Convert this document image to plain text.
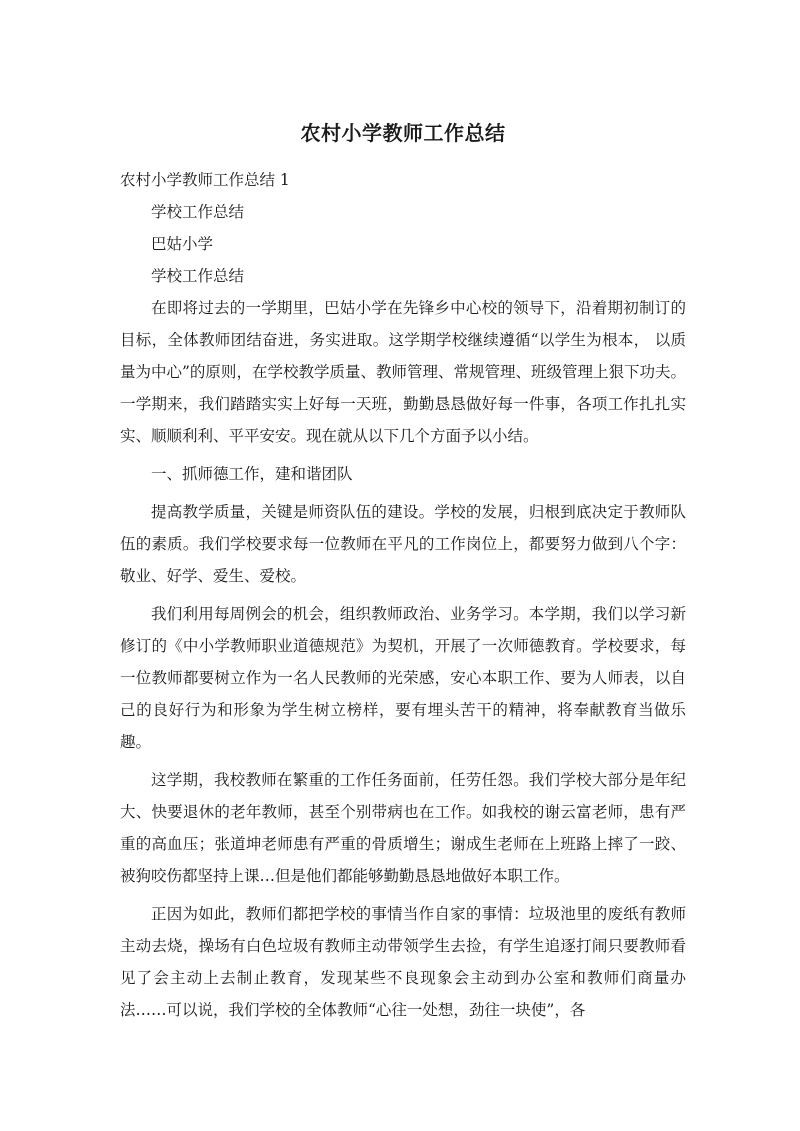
农村小学教师工作总结

农村小学教师工作总结 1

学校工作总结

巴姑小学

学校工作总结

在即将过去的一学期里，巴姑小学在先锋乡中心校的领导下，沿着期初制订的目标，全体教师团结奋进，务实进取。这学期学校继续遵循“以学生为根本， 以质量为中心”的原则，在学校教学质量、教师管理、常规管理、班级管理上狠下功夫。一学期来，我们踏踏实实上好每一天班，勤勤恳恳做好每一件事，各项工作扎扎实实、顺顺利利、平平安安。现在就从以下几个方面予以小结。

一、抓师德工作，建和谐团队

提高教学质量，关键是师资队伍的建设。学校的发展，归根到底决定于教师队伍的素质。我们学校要求每一位教师在平凡的工作岗位上，都要努力做到八个字：敬业、好学、爱生、爱校。

我们利用每周例会的机会，组织教师政治、业务学习。本学期，我们以学习新修订的《中小学教师职业道德规范》为契机，开展了一次师德教育。学校要求，每一位教师都要树立作为一名人民教师的光荣感，安心本职工作、要为人师表，以自己的良好行为和形象为学生树立榜样，要有埋头苦干的精神，将奉献教育当做乐趣。

这学期，我校教师在繁重的工作任务面前，任劳任怨。我们学校大部分是年纪大、快要退休的老年教师，甚至个别带病也在工作。如我校的谢云富老师，患有严重的高血压；张道坤老师患有严重的骨质增生；谢成生老师在上班路上摔了一跤、被狗咬伤都坚持上课…但是他们都能够勤勤恳恳地做好本职工作。

正因为如此，教师们都把学校的事情当作自家的事情：垃圾池里的废纸有教师主动去烧，操场有白色垃圾有教师主动带领学生去捡，有学生追逐打闹只要教师看见了会主动上去制止教育，发现某些不良现象会主动到办公室和教师们商量办法……可以说，我们学校的全体教师“心往一处想，劲往一块使”，各
